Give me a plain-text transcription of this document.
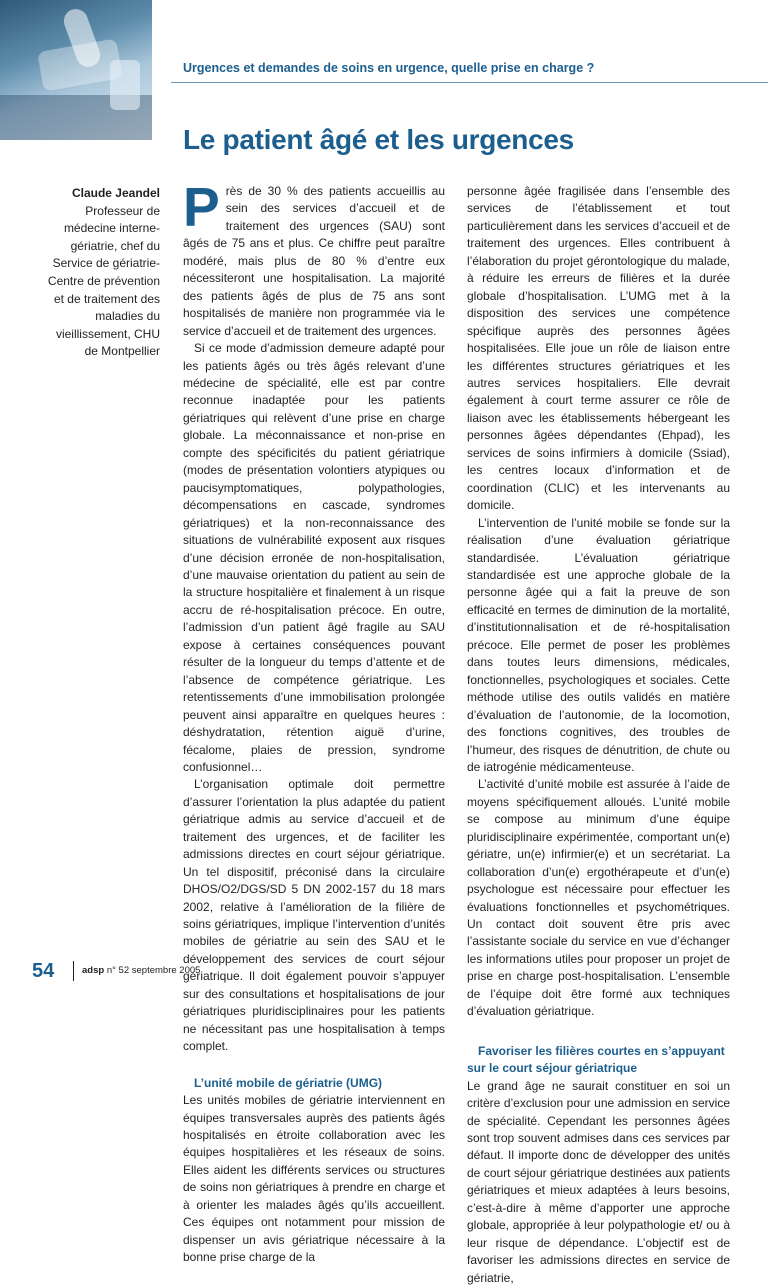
Urgences et demandes de soins en urgence, quelle prise en charge ?
Le patient âgé et les urgences
Claude Jeandel
Professeur de médecine interne-gériatrie, chef du Service de gériatrie-Centre de prévention et de traitement des maladies du vieillissement, CHU de Montpellier

Près de 30 % des patients accueillis au sein des services d’accueil et de traitement des urgences (SAU) sont âgés de 75 ans et plus. Ce chiffre peut paraître modéré, mais plus de 80 % d’entre eux nécessiteront une hospitalisation. La majorité des patients âgés de plus de 75 ans sont hospitalisés de manière non programmée via le service d’accueil et de traitement des urgences.

Si ce mode d’admission demeure adapté pour les patients âgés ou très âgés relevant d’une médecine de spécialité, elle est par contre reconnue inadaptée pour les patients gériatriques qui relèvent d’une prise en charge globale. La méconnaissance et non-prise en compte des spécificités du patient gériatrique (modes de présentation volontiers atypiques ou paucisymptomatiques, polypathologies, décompensations en cascade, syndromes gériatriques) et la non-reconnaissance des situations de vulnérabilité exposent aux risques d’une décision erronée de non-hospitalisation, d’une mauvaise orientation du patient au sein de la structure hospitalière et finalement à un risque accru de ré-hospitalisation précoce. En outre, l’admission d’un patient âgé fragile au SAU expose à certaines conséquences pouvant résulter de la longueur du temps d’attente et de l’absence de compétence gériatrique. Les retentissements d’une immobilisation prolongée peuvent ainsi apparaître en quelques heures : déshydratation, rétention aiguë d’urine, fécalome, plaies de pression, syndrome confusionnel…

L’organisation optimale doit permettre d’assurer l’orientation la plus adaptée du patient gériatrique admis au service d’accueil et de traitement des urgences, et de faciliter les admissions directes en court séjour gériatrique. Un tel dispositif, préconisé dans la circulaire DHOS/O2/DGS/SD 5 DN 2002-157 du 18 mars 2002, relative à l’amélioration de la filière de soins gériatriques, implique l’intervention d’unités mobiles de gériatrie au sein des SAU et le développement des services de court séjour gériatrique. Il doit également pouvoir s’appuyer sur des consultations et hospitalisations de jour gériatriques pluridisciplinaires pour les patients ne nécessitant pas une hospitalisation à temps complet.

L’unité mobile de gériatrie (UMG)

Les unités mobiles de gériatrie interviennent en équipes transversales auprès des patients âgés hospitalisés en étroite collaboration avec les équipes hospitalières et les réseaux de soins. Elles aident les différents services ou structures de soins non gériatriques à prendre en charge et à orienter les malades âgés qu’ils accueillent. Ces équipes ont notamment pour mission de dispenser un avis gériatrique nécessaire à la bonne prise charge de la

personne âgée fragilisée dans l’ensemble des services de l’établissement et tout particulièrement dans les services d’accueil et de traitement des urgences. Elles contribuent à l’élaboration du projet gérontologique du malade, à réduire les erreurs de filières et la durée globale d’hospitalisation. L’UMG met à la disposition des services une compétence spécifique auprès des personnes âgées hospitalisées. Elle joue un rôle de liaison entre les différentes structures gériatriques et les autres services hospitaliers. Elle devrait également à court terme assurer ce rôle de liaison avec les établissements hébergeant les personnes âgées dépendantes (Ehpad), les services de soins infirmiers à domicile (Ssiad), les centres locaux d’information et de coordination (CLIC) et les intervenants au domicile.

L’intervention de l’unité mobile se fonde sur la réalisation d’une évaluation gériatrique standardisée. L’évaluation gériatrique standardisée est une approche globale de la personne âgée qui a fait la preuve de son efficacité en termes de diminution de la mortalité, d’institutionnalisation et de ré-hospitalisation précoce. Elle permet de poser les problèmes dans toutes leurs dimensions, médicales, fonctionnelles, psychologiques et sociales. Cette méthode utilise des outils validés en matière d’évaluation de l’autonomie, de la locomotion, des fonctions cognitives, des troubles de l’humeur, des risques de dénutrition, de chute ou de iatrogénie médicamenteuse.

L’activité d’unité mobile est assurée à l’aide de moyens spécifiquement alloués. L’unité mobile se compose au minimum d’une équipe pluridisciplinaire expérimentée, comportant un(e) gériatre, un(e) infirmier(e) et un secrétariat. La collaboration d’un(e) ergothérapeute et d’un(e) psychologue est nécessaire pour effectuer les évaluations fonctionnelles et psychométriques. Un contact doit souvent être pris avec l’assistante sociale du service en vue d’échanger les informations utiles pour proposer un projet de prise en charge post-hospitalisation. L’ensemble de l’équipe doit être formé aux techniques d’évaluation gériatrique.

Favoriser les filières courtes en s’appuyant
sur le court séjour gériatrique

Le grand âge ne saurait constituer en soi un critère d’exclusion pour une admission en service de spécialité. Cependant les personnes âgées sont trop souvent admises dans ces services par défaut. Il importe donc de développer des unités de court séjour gériatrique destinées aux patients gériatriques et mieux adaptées à leurs besoins, c’est-à-dire à même d’apporter une approche globale, appropriée à leur polypathologie et/ ou à leur risque de dépendance. L’objectif est de favoriser les admissions directes en service de gériatrie,

54	adsp n° 52 septembre 2005
